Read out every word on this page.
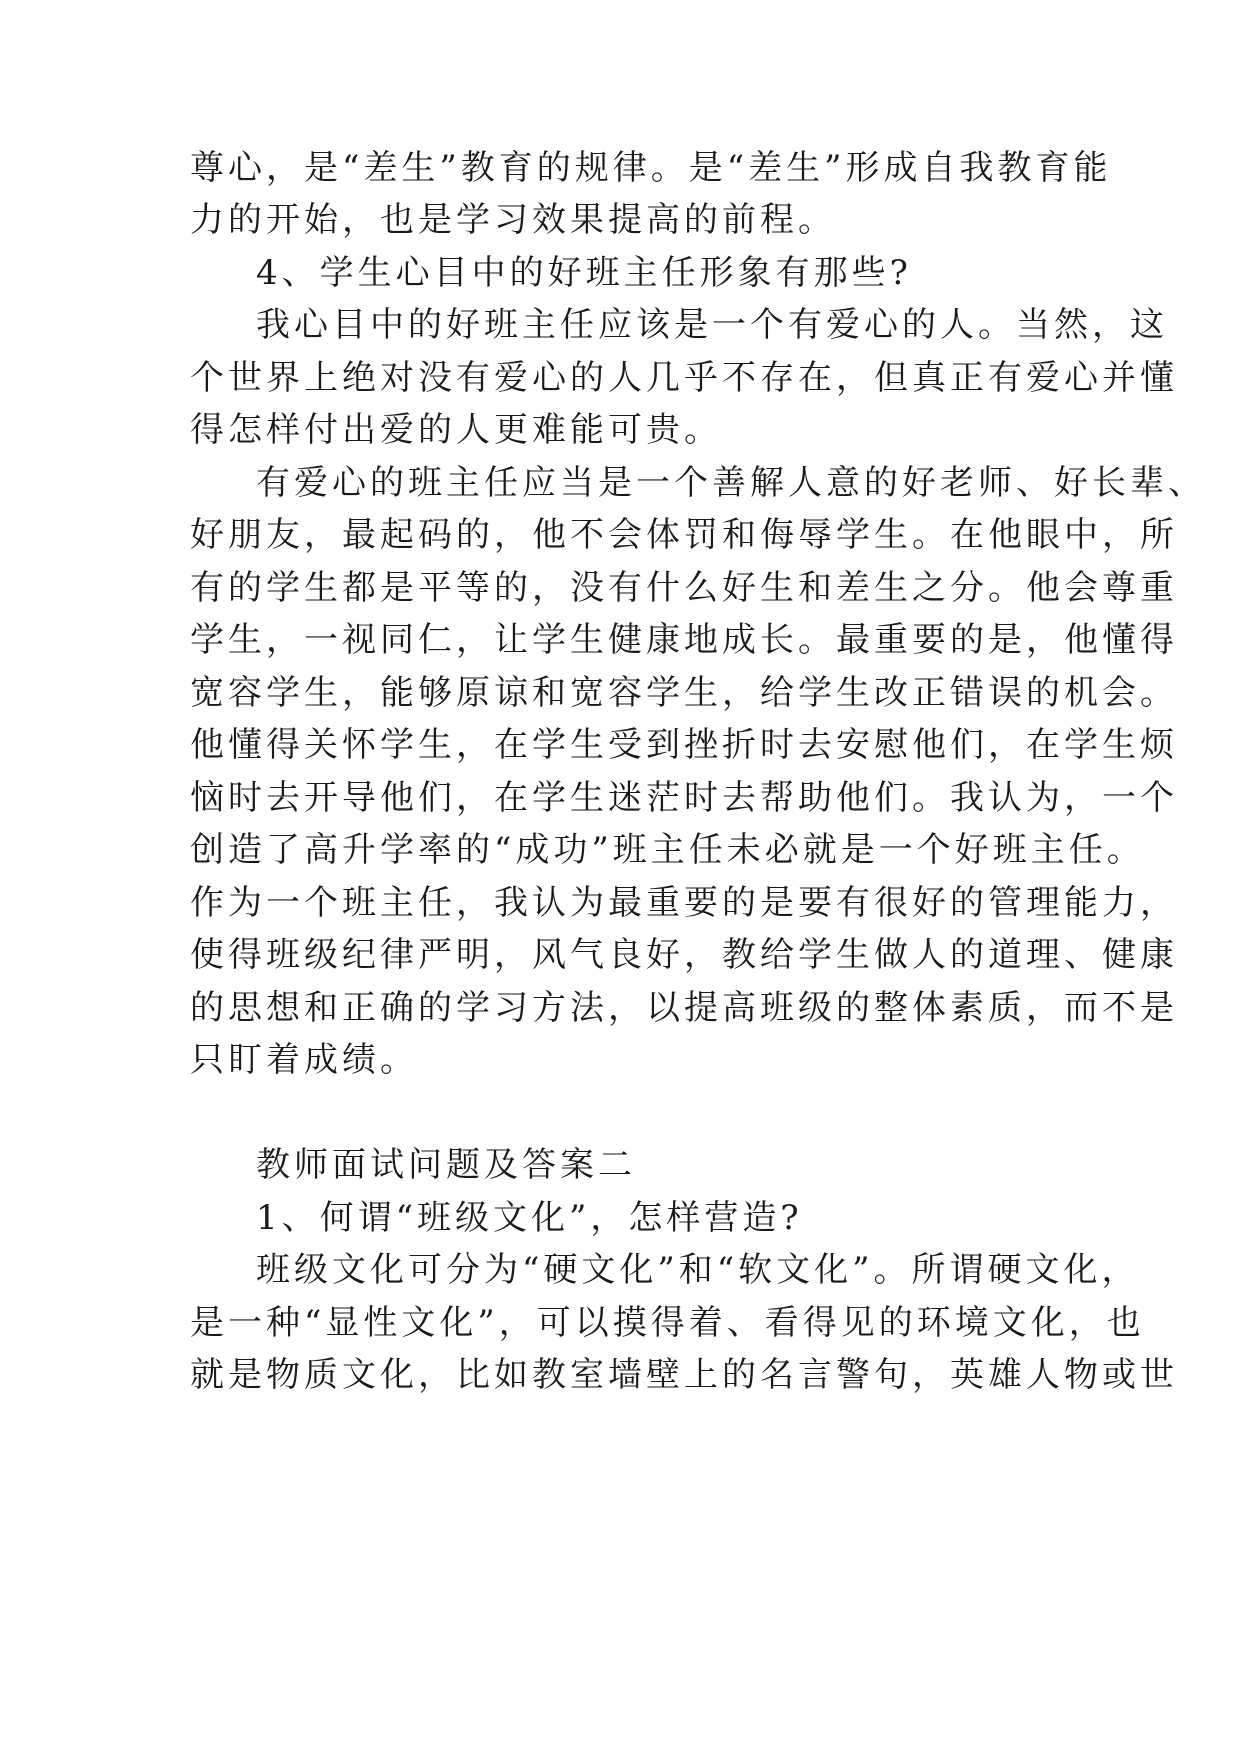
尊心，是“差生”教育的规律。是“差生”形成自我教育能
力的开始，也是学习效果提高的前程。
4、学生心目中的好班主任形象有那些?
我心目中的好班主任应该是一个有爱心的人。当然，这
个世界上绝对没有爱心的人几乎不存在，但真正有爱心并懂
得怎样付出爱的人更难能可贵。
有爱心的班主任应当是一个善解人意的好老师、好长辈、
好朋友，最起码的，他不会体罚和侮辱学生。在他眼中，所
有的学生都是平等的，没有什么好生和差生之分。他会尊重
学生，一视同仁，让学生健康地成长。最重要的是，他懂得
宽容学生，能够原谅和宽容学生，给学生改正错误的机会。
他懂得关怀学生，在学生受到挫折时去安慰他们，在学生烦
恼时去开导他们，在学生迷茫时去帮助他们。我认为，一个
创造了高升学率的“成功”班主任未必就是一个好班主任。
作为一个班主任，我认为最重要的是要有很好的管理能力，
使得班级纪律严明，风气良好，教给学生做人的道理、健康
的思想和正确的学习方法，以提高班级的整体素质，而不是
只盯着成绩。
教师面试问题及答案二
1、何谓“班级文化”，怎样营造?
班级文化可分为“硬文化”和“软文化”。所谓硬文化，
是一种“显性文化”，可以摸得着、看得见的环境文化，也
就是物质文化，比如教室墙壁上的名言警句，英雄人物或世
